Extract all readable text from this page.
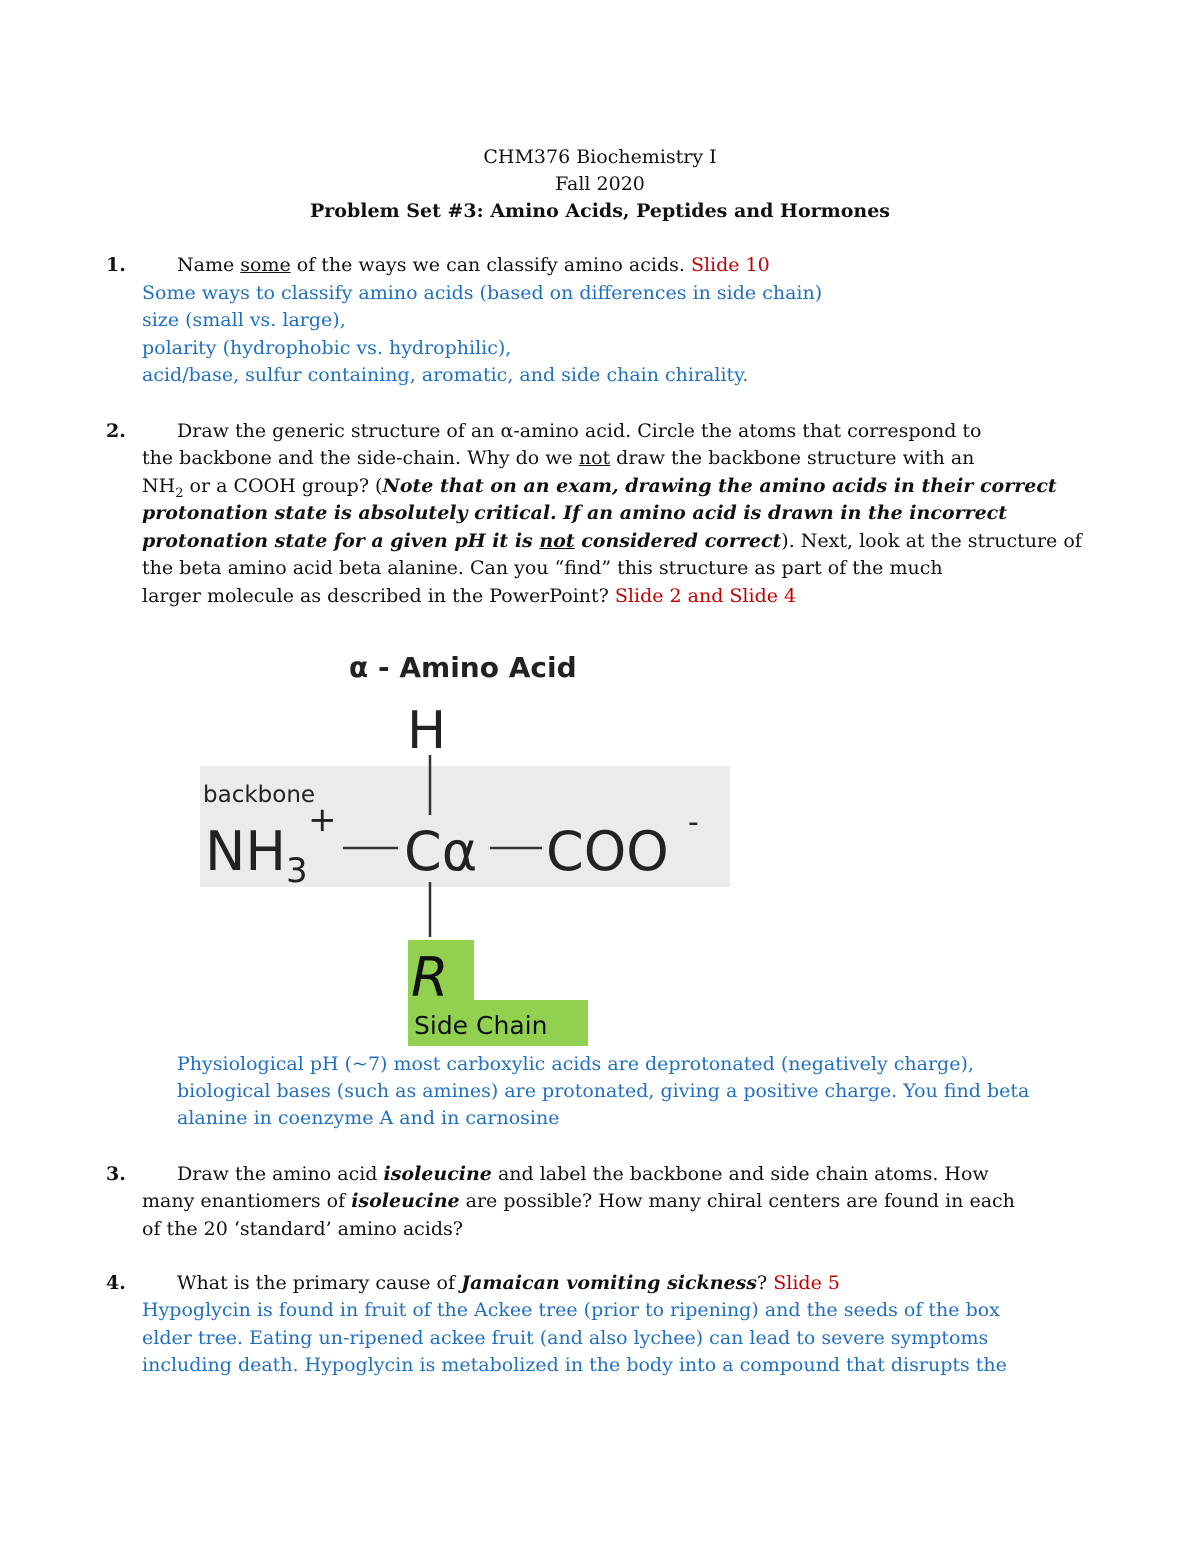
CHM376 Biochemistry I
Fall 2020
Problem Set #3: Amino Acids, Peptides and Hormones
1.	Name some of the ways we can classify amino acids. Slide 10
Some ways to classify amino acids (based on differences in side chain)
size (small vs. large),
polarity (hydrophobic vs. hydrophilic),
acid/base, sulfur containing, aromatic, and side chain chirality.
2.	Draw the generic structure of an α-amino acid. Circle the atoms that correspond to
the backbone and the side-chain. Why do we not draw the backbone structure with an
$NH_2$ or a COOH group? (Note that on an exam, drawing the amino acids in their correct
protonation state is absolutely critical. If an amino acid is drawn in the incorrect
protonation state for a given pH it is not considered correct). Next, look at the structure of
the beta amino acid beta alanine. Can you “find” this structure as part of the much
larger molecule as described in the PowerPoint? Slide 2 and Slide 4
α - Amino Acid
H
backbone
$NH_3$
+ Cα COO -
R
Side Chain
Physiological pH (~7) most carboxylic acids are deprotonated (negatively charge),
biological bases (such as amines) are protonated, giving a positive charge. You find beta
alanine in coenzyme A and in carnosine
3.	Draw the amino acid isoleucine and label the backbone and side chain atoms. How
many enantiomers of isoleucine are possible? How many chiral centers are found in each
of the 20 ‘standard’ amino acids?
4.	What is the primary cause of Jamaican vomiting sickness? Slide 5
Hypoglycin is found in fruit of the Ackee tree (prior to ripening) and the seeds of the box
elder tree. Eating un-ripened ackee fruit (and also lychee) can lead to severe symptoms
including death. Hypoglycin is metabolized in the body into a compound that disrupts the
